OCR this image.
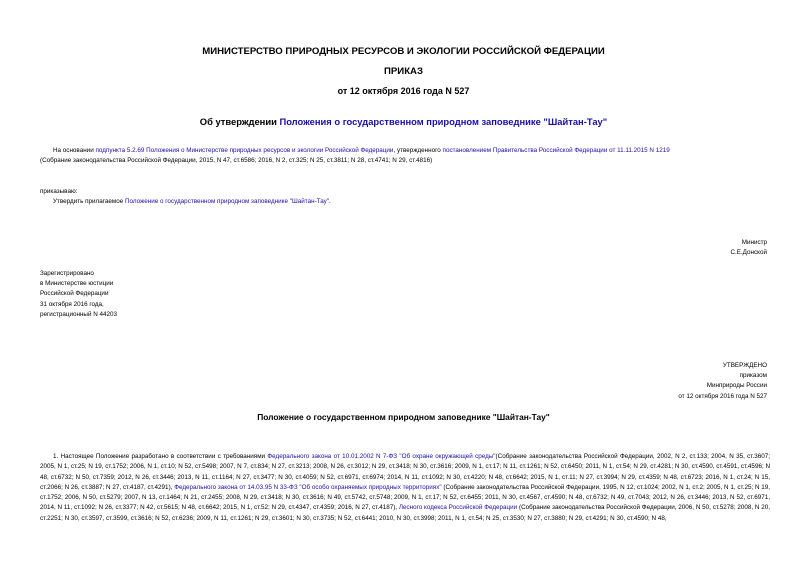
МИНИСТЕРСТВО ПРИРОДНЫХ РЕСУРСОВ И ЭКОЛОГИИ РОССИЙСКОЙ ФЕДЕРАЦИИ
ПРИКАЗ
от 12 октября 2016 года N 527
Об утверждении Положения о государственном природном заповеднике "Шайтан-Тау"
На основании подпункта 5.2.69 Положения о Министерстве природных ресурсов и экологии Российской Федерации, утвержденного постановлением Правительства Российской Федерации от 11.11.2015 N 1219
(Собрание законодательства Российской Федерации, 2015, N 47, ст.6586; 2016, N 2, ст.325; N 25, ст.3811; N 28, ст.4741; N 29, ст.4816)
приказываю:
Утвердить прилагаемое Положение о государственном природном заповеднике "Шайтан-Тау".
Министр
С.Е.Донской
Зарегистрировано
в Министерстве юстиции
Российской Федерации
31 октября 2016 года,
регистрационный N 44203
УТВЕРЖДЕНО
приказом
Минприроды России
от 12 октября 2016 года N 527
Положение о государственном природном заповеднике "Шайтан-Тау"
1. Настоящее Положение разработано в соответствии с требованиями Федерального закона от 10.01.2002 N 7-ФЗ "Об охране окружающей среды"(Собрание законодательства Российской Федерации, 2002, N 2, ст.133; 2004, N 35, ст.3607; 2005, N 1, ст.25; N 19, ст.1752; 2006, N 1, ст.10; N 52, ст.5498; 2007, N 7, ст.834; N 27, ст.3213; 2008, N 26, ст.3012; N 29, ст.3418; N 30, ст.3616; 2009, N 1, ст.17; N 11, ст.1261; N 52, ст.6450; 2011, N 1, ст.54; N 29, ст.4281; N 30, ст.4590, ст.4591, ст.4596; N 48, ст.6732; N 50, ст.7359; 2012, N 26, ст.3446; 2013, N 11, ст.1164; N 27, ст.3477; N 30, ст.4059; N 52, ст.6971, ст.6974; 2014, N 11, ст.1092; N 30, ст.4220; N 48, ст.6642; 2015, N 1, ст.11; N 27, ст.3994; N 29, ст.4359; N 48, ст.6723; 2016, N 1, ст.24; N 15, ст.2066; N 26, ст.3887; N 27, ст.4187, ст.4291), Федерального закона от 14.03.95 N 33-ФЗ "Об особо охраняемых природных территориях" (Собрание законодательства Российской Федерации, 1995, N 12, ст.1024; 2002, N 1, ст.2; 2005, N 1, ст.25; N 19, ст.1752; 2006, N 50, ст.5279; 2007, N 13, ст.1464; N 21, ст.2455; 2008, N 29, ст.3418; N 30, ст.3616; N 49, ст.5742, ст.5748; 2009, N 1, ст.17; N 52, ст.6455; 2011, N 30, ст.4567, ст.4590; N 48, ст.6732; N 49, ст.7043; 2012, N 26, ст.3446; 2013, N 52, ст.6971, 2014, N 11, ст.1092; N 26, ст.3377; N 42, ст.5615; N 48, ст.6642; 2015, N 1, ст.52; N 29, ст.4347, ст.4359; 2016, N 27, ст.4187), Лесного кодекса Российской Федерации (Собрание законодательства Российской Федерации, 2006, N 50, ст.5278; 2008, N 20, ст.2251; N 30, ст.3597, ст.3599, ст.3616; N 52, ст.6236; 2009, N 11, ст.1261; N 29, ст.3601; N 30, ст.3735; N 52, ст.6441; 2010, N 30, ст.3998; 2011, N 1, ст.54; N 25, ст.3530; N 27, ст.3880; N 29, ст.4291; N 30, ст.4590; N 48,
